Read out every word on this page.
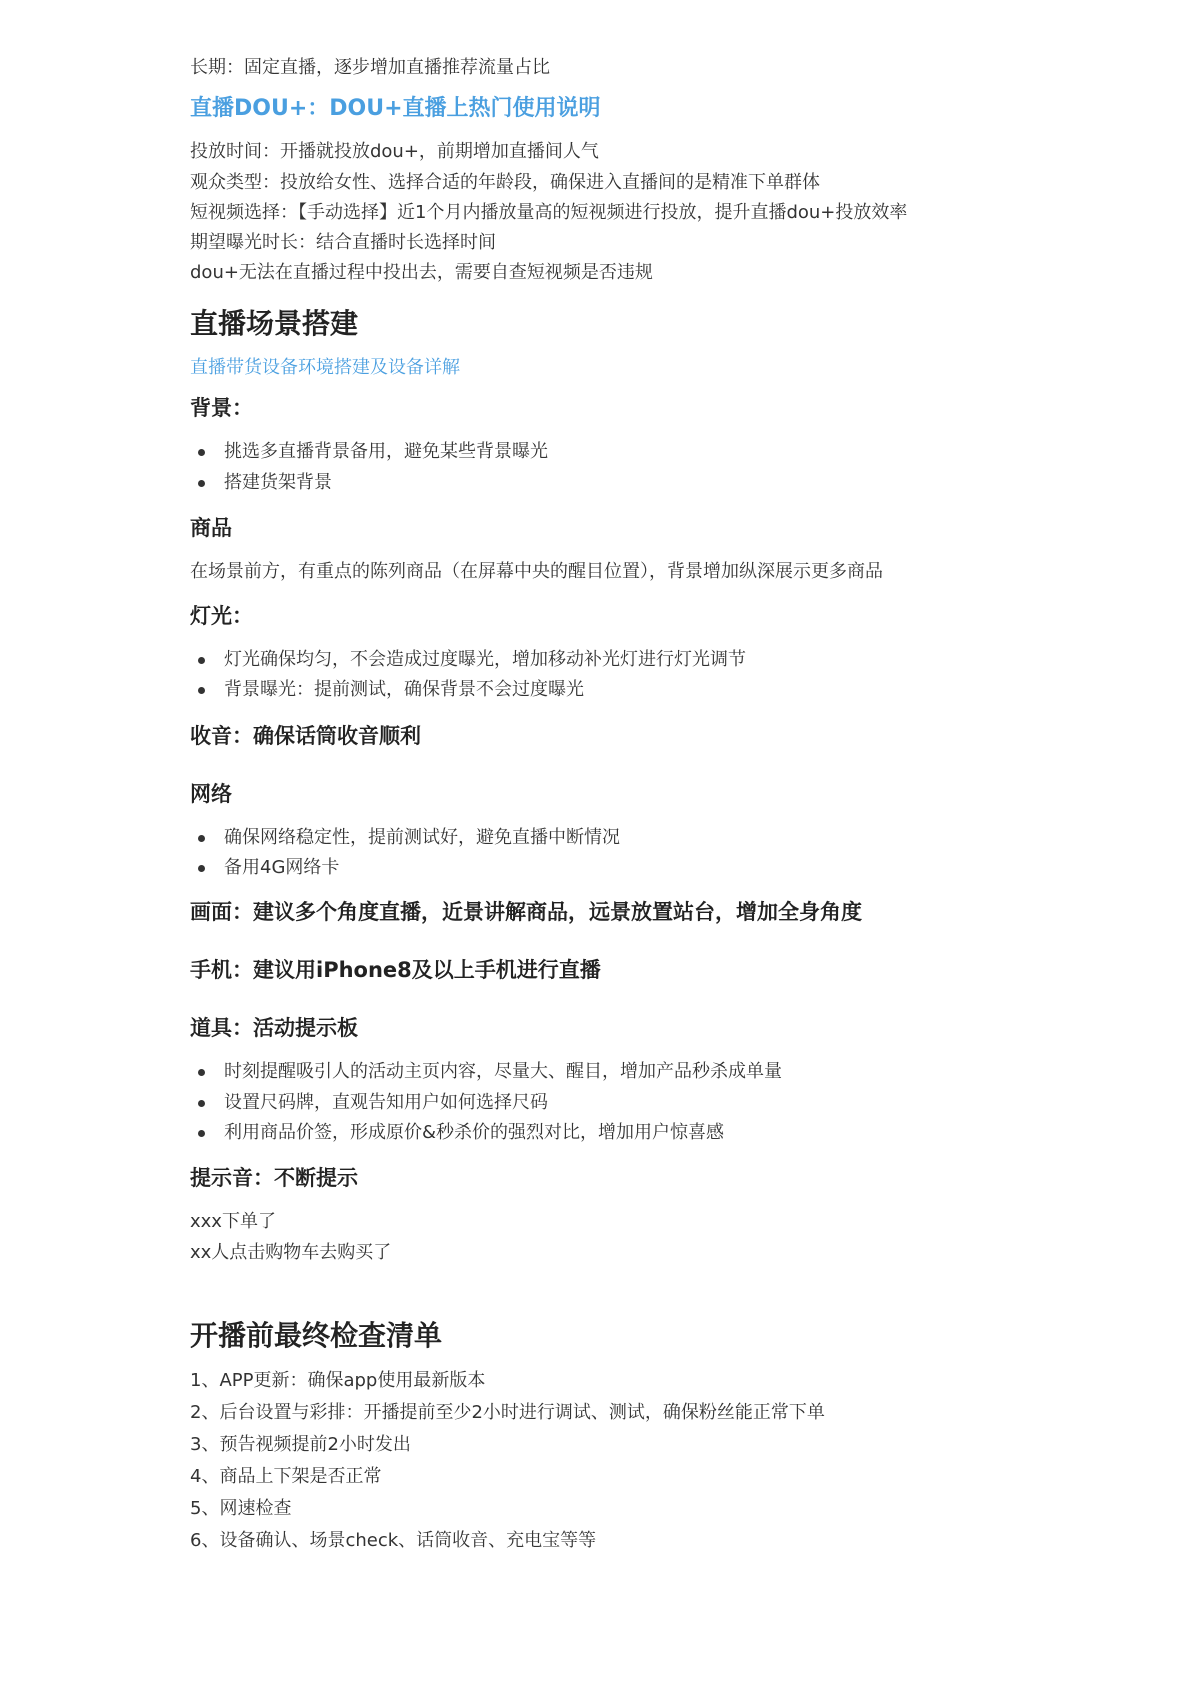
长期：固定直播，逐步增加直播推荐流量占比
直播DOU+：DOU+直播上热门使用说明
投放时间：开播就投放dou+，前期增加直播间人气
观众类型：投放给女性、选择合适的年龄段，确保进入直播间的是精准下单群体
短视频选择：【手动选择】近1个月内播放量高的短视频进行投放，提升直播dou+投放效率
期望曝光时长：结合直播时长选择时间
dou+无法在直播过程中投出去，需要自查短视频是否违规
直播场景搭建
直播带货设备环境搭建及设备详解
背景：
挑选多直播背景备用，避免某些背景曝光
搭建货架背景
商品
在场景前方，有重点的陈列商品（在屏幕中央的醒目位置），背景增加纵深展示更多商品
灯光：
灯光确保均匀，不会造成过度曝光，增加移动补光灯进行灯光调节
背景曝光：提前测试，确保背景不会过度曝光
收音：确保话筒收音顺利
网络
确保网络稳定性，提前测试好，避免直播中断情况
备用4G网络卡
画面：建议多个角度直播，近景讲解商品，远景放置站台，增加全身角度
手机：建议用iPhone8及以上手机进行直播
道具：活动提示板
时刻提醒吸引人的活动主页内容，尽量大、醒目，增加产品秒杀成单量
设置尺码牌，直观告知用户如何选择尺码
利用商品价签，形成原价&秒杀价的强烈对比，增加用户惊喜感
提示音：不断提示
xxx下单了
xx人点击购物车去购买了
开播前最终检查清单
1、APP更新：确保app使用最新版本
2、后台设置与彩排：开播提前至少2小时进行调试、测试，确保粉丝能正常下单
3、预告视频提前2小时发出
4、商品上下架是否正常
5、网速检查
6、设备确认、场景check、话筒收音、充电宝等等
